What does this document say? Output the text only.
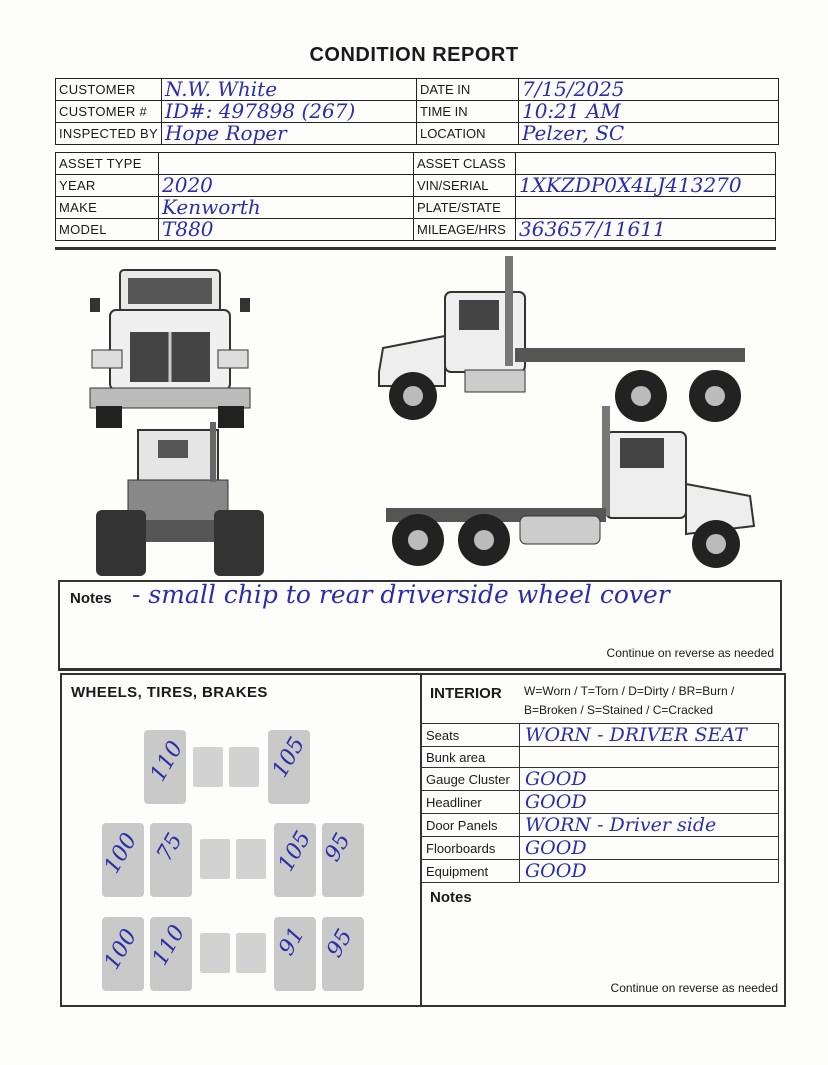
CONDITION REPORT
CUSTOMER	N.W. White	DATE IN	7/15/2025
CUSTOMER #	ID#: 497898 (267)	TIME IN	10:21 AM
INSPECTED BY	Hope Roper	LOCATION	Pelzer, SC
ASSET TYPE		ASSET CLASS	
YEAR	2020	VIN/SERIAL	1XKZDP0X4LJ413270
MAKE	Kenworth	PLATE/STATE	
MODEL	T880	MILEAGE/HRS	363657/11611
Notes - small chip to rear driverside wheel cover
Continue on reverse as needed
WHEELS, TIRES, BRAKES
110	105
100 75	105 95
100 110	91 95
INTERIOR W=Worn / T=Torn / D=Dirty / BR=Burn /
B=Broken / S=Stained / C=Cracked
Seats	WORN - DRIVER SEAT
Bunk area	
Gauge Cluster	GOOD
Headliner	GOOD
Door Panels	WORN - Driver side
Floorboards	GOOD
Equipment	GOOD
Notes
Continue on reverse as needed
